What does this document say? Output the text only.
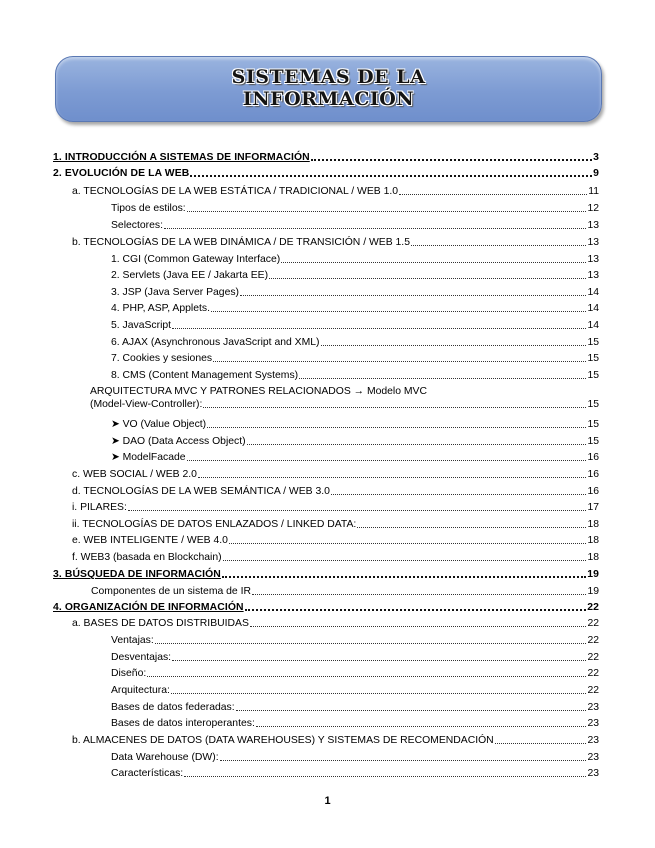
SISTEMAS DE LA
INFORMACIÓN
1. INTRODUCCIÓN A SISTEMAS DE INFORMACIÓN	3
2. EVOLUCIÓN DE LA WEB	9
a. TECNOLOGÍAS DE LA WEB ESTÁTICA / TRADICIONAL / WEB 1.0	11
Tipos de estilos:	12
Selectores:	13
b. TECNOLOGÍAS DE LA WEB DINÁMICA / DE TRANSICIÓN / WEB 1.5	13
1. CGI (Common Gateway Interface)	13
2. Servlets (Java EE / Jakarta EE)	13
3. JSP (Java Server Pages)	14
4. PHP, ASP, Applets.	14
5. JavaScript	14
6. AJAX (Asynchronous JavaScript and XML)	15
7. Cookies y sesiones	15
8. CMS (Content Management Systems)	15
ARQUITECTURA MVC Y PATRONES RELACIONADOS → Modelo MVC
(Model-View-Controller):	15
➤ VO (Value Object)	15
➤ DAO (Data Access Object)	15
➤ ModelFacade	16
c. WEB SOCIAL / WEB 2.0	16
d. TECNOLOGÍAS DE LA WEB SEMÁNTICA / WEB 3.0	16
i. PILARES:	17
ii. TECNOLOGÍAS DE DATOS ENLAZADOS / LINKED DATA:	18
e. WEB INTELIGENTE / WEB 4.0	18
f. WEB3 (basada en Blockchain)	18
3. BÚSQUEDA DE INFORMACIÓN	19
Componentes de un sistema de IR	19
4. ORGANIZACIÓN DE INFORMACIÓN	22
a. BASES DE DATOS DISTRIBUIDAS	22
Ventajas:	22
Desventajas:	22
Diseño:	22
Arquitectura:	22
Bases de datos federadas:	23
Bases de datos interoperantes:	23
b. ALMACENES DE DATOS (DATA WAREHOUSES) Y SISTEMAS DE RECOMENDACIÓN	23
Data Warehouse (DW):	23
Características:	23
1
